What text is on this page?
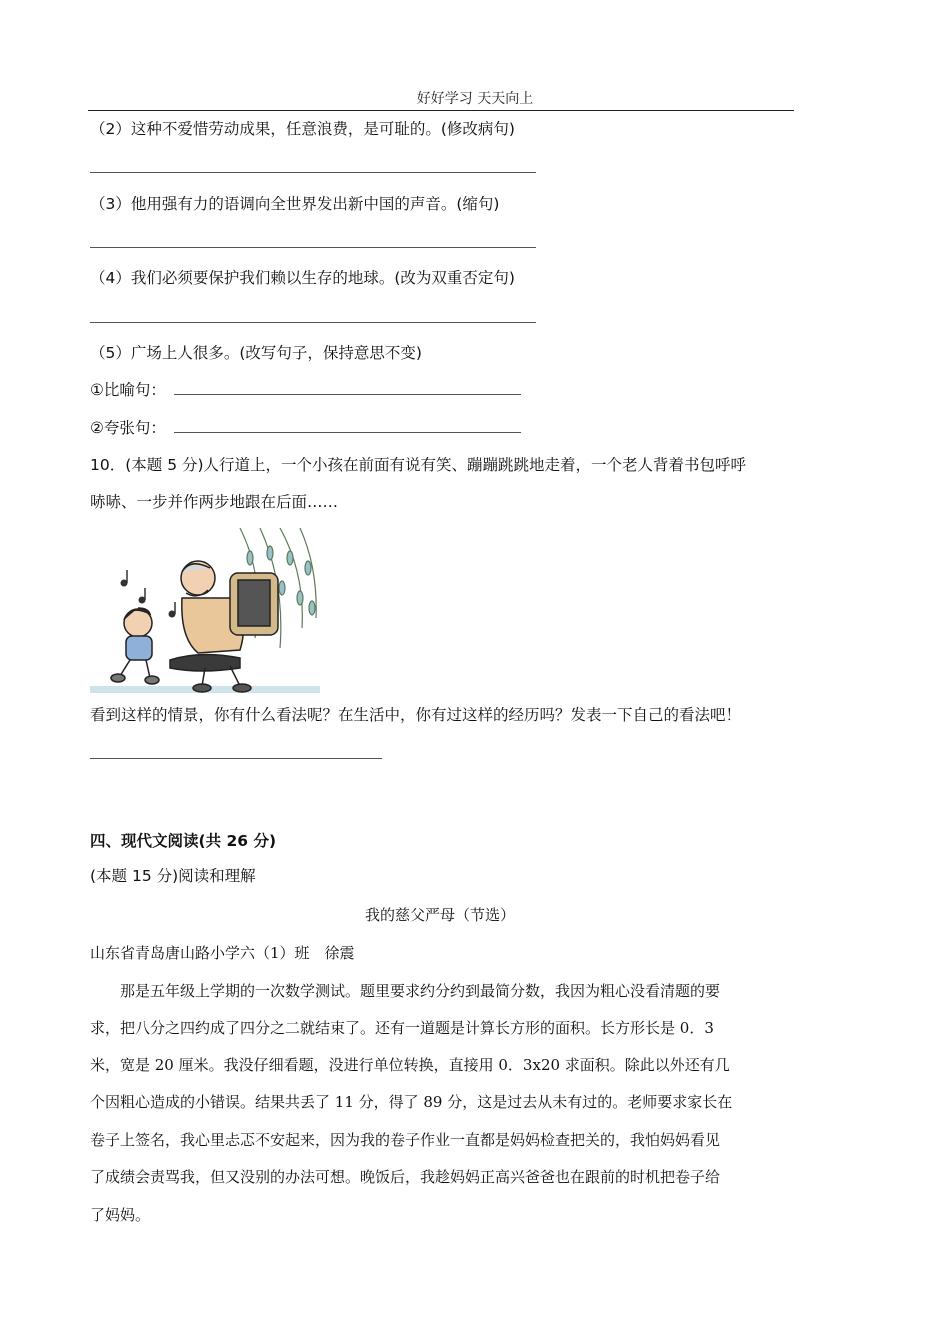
好好学习 天天向上
（2）这种不爱惜劳动成果，任意浪费，是可耻的。(修改病句)
（3）他用强有力的语调向全世界发出新中国的声音。(缩句)
（4）我们必须要保护我们赖以生存的地球。(改为双重否定句)
（5）广场上人很多。(改写句子，保持意思不变)
①比喻句：
②夸张句：
10．(本题 5 分)人行道上，一个小孩在前面有说有笑、蹦蹦跳跳地走着，一个老人背着书包呼呼
哧哧、一步并作两步地跟在后面……
看到这样的情景，你有什么看法呢？在生活中，你有过这样的经历吗？发表一下自己的看法吧！
四、现代文阅读(共 26 分)
(本题 15 分)阅读和理解
我的慈父严母（节选）
山东省青岛唐山路小学六（1）班　徐震
　　那是五年级上学期的一次数学测试。题里要求约分约到最简分数，我因为粗心没看清题的要
求，把八分之四约成了四分之二就结束了。还有一道题是计算长方形的面积。长方形长是 0．3
米，宽是 20 厘米。我没仔细看题，没进行单位转换，直接用 0．3x20 求面积。除此以外还有几
个因粗心造成的小错误。结果共丢了 11 分，得了 89 分，这是过去从未有过的。老师要求家长在
卷子上签名，我心里忐忑不安起来，因为我的卷子作业一直都是妈妈检查把关的，我怕妈妈看见
了成绩会责骂我，但又没别的办法可想。晚饭后，我趁妈妈正高兴爸爸也在跟前的时机把卷子给
了妈妈。
